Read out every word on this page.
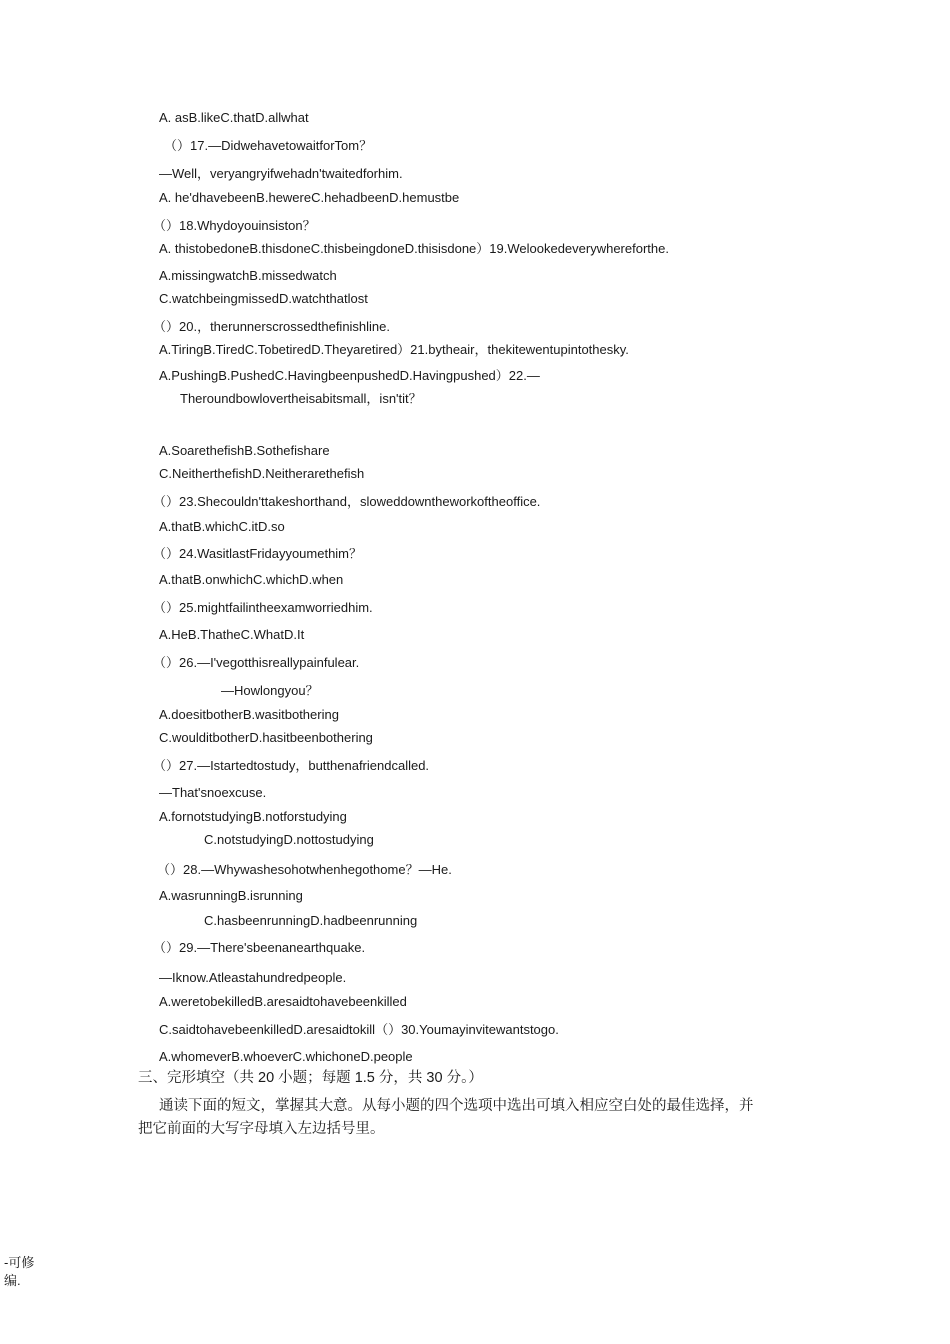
A. asB.likeC.thatD.allwhat
（）17.—DidwehavetowaitforTom？
—Well，veryangryifwehadn'twaitedforhim.
A. he'dhavebeenB.hewereC.hehadbeenD.hemustbe
（）18.Whydoyouinsiston？
A. thistobedoneB.thisdoneC.thisbeingdoneD.thisisdone）19.Welookedeverywhereforthe.
A.missingwatchB.missedwatch
C.watchbeingmissedD.watchthatlost
（）20.，therunnerscrossedthefinishline.
A.TiringB.TiredC.TobetiredD.Theyaretired）21.bytheair，thekitewentupintothesky.
A.PushingB.PushedC.HavingbeenpushedD.Havingpushed）22.—
Theroundbowlovertheisabitsmall，isn'tit？
A.SoarethefishB.Sothefishare
C.NeitherthefishD.Neitherarethefish
（）23.Shecouldn'ttakeshorthand，sloweddowntheworkoftheoffice.
A.thatB.whichC.itD.so
（）24.WasitlastFridayyoumethim？
A.thatB.onwhichC.whichD.when
（）25.mightfailintheexamworriedhim.
A.HeB.ThatheC.WhatD.It
（）26.—I'vegotthisreallypainfulear.
—Howlongyou？
A.doesitbotherB.wasitbothering
C.woulditbotherD.hasitbeenbothering
（）27.—Istartedtostudy，butthenafriendcalled.
—That'snoexcuse.
A.fornotstudyingB.notforstudying
C.notstudyingD.nottostudying
（）28.—Whywashesohotwhenhegothome？—He.
A.wasrunningB.isrunning
C.hasbeenrunningD.hadbeenrunning
（）29.—There'sbeenanearthquake.
—Iknow.Atleastahundredpeople.
A.weretobekilledB.aresaidtohavebeenkilled
C.saidtohavebeenkilledD.aresaidtokill（）30.Youmayinvitewantstogo.
A.whomeverB.whoeverC.whichoneD.people
三、完形填空（共 20 小题；每题 1.5 分，共 30 分。）
通读下面的短文，掌握其大意。从每小题的四个选项中选出可填入相应空白处的最佳选择，并
把它前面的大写字母填入左边括号里。
-可修
编.
